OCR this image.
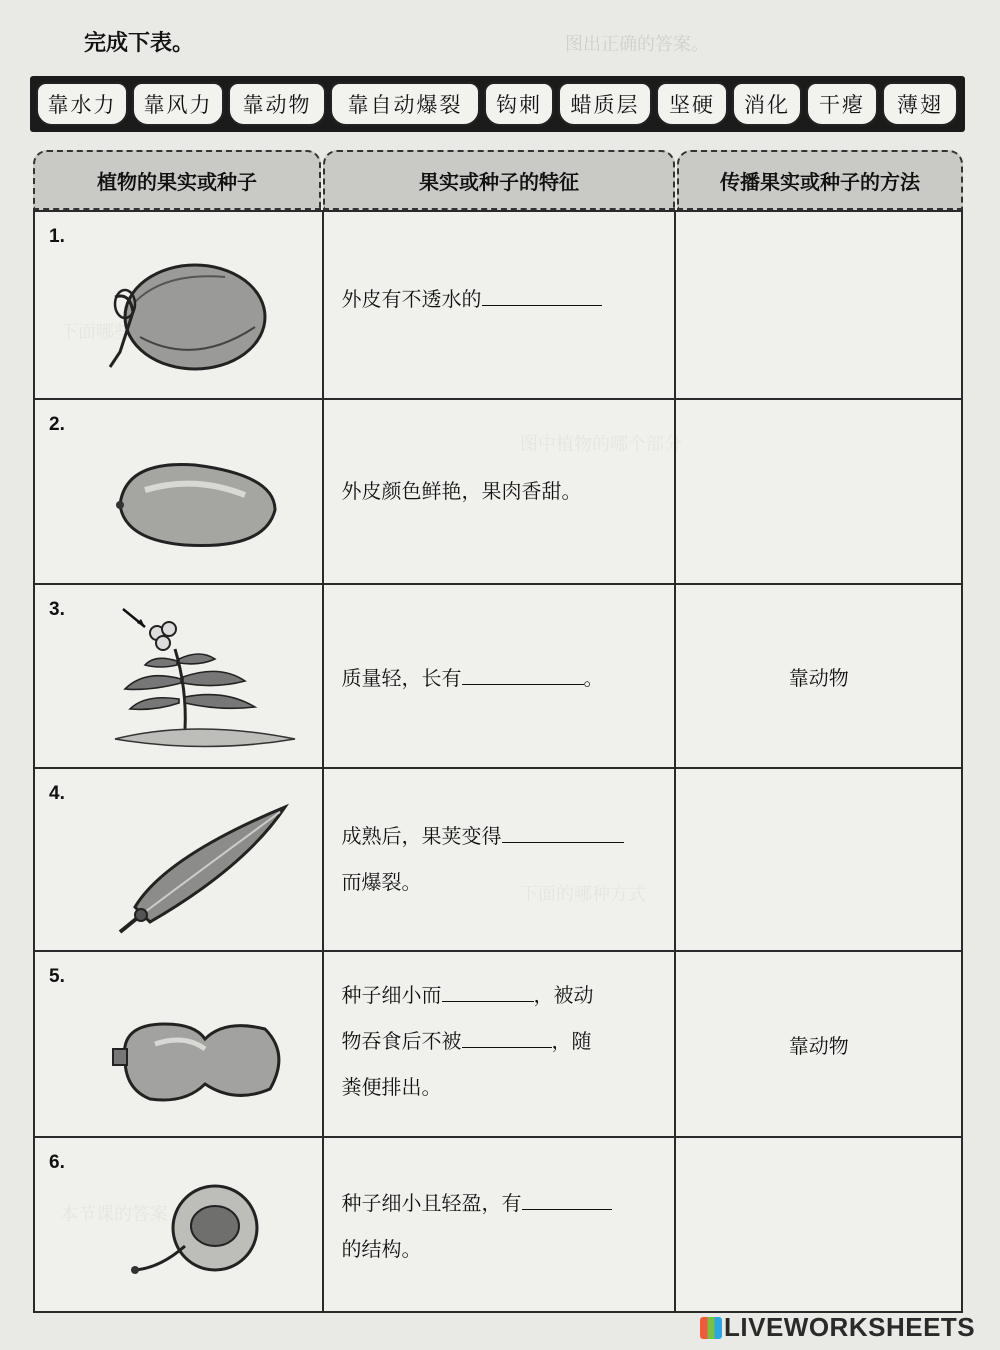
图出正确的答案。
完成下表。
靠水力	靠风力	靠动物	靠自动爆裂	钩刺	蜡质层	坚硬	消化	干瘪	薄翅
植物的果实或种子	果实或种子的特征	传播果实或种子的方法
1.	外皮有不透水的	

2.	外皮颜色鲜艳，果肉香甜。	

3.	质量轻，长有 。	靠动物

4.	成熟后，果荚变得
而爆裂。	

5.	种子细小而 ，被动
物吞食后不被 ，随
粪便排出。	靠动物

6.	种子细小且轻盈，有
的结构。	

LIVEWORKSHEETS
